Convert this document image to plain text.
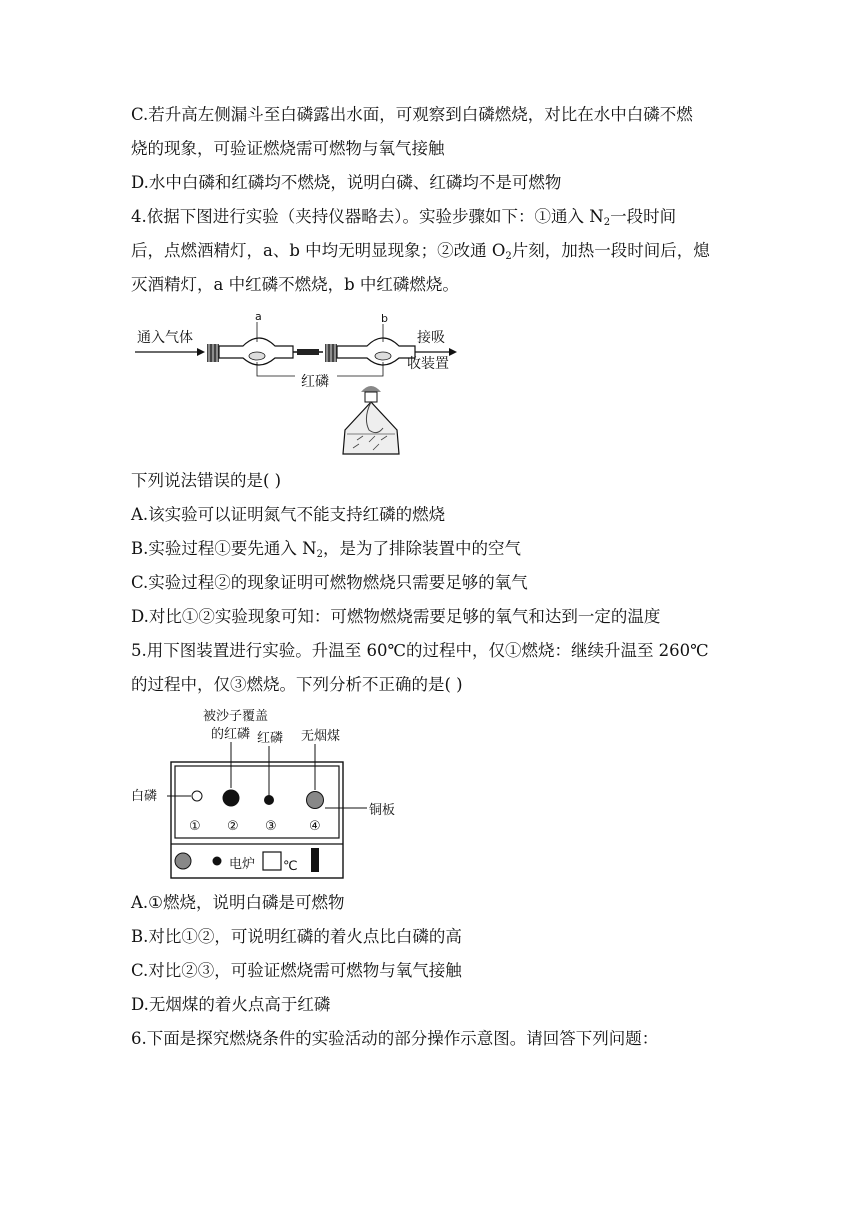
C.若升高左侧漏斗至白磷露出水面，可观察到白磷燃烧，对比在水中白磷不燃
烧的现象，可验证燃烧需可燃物与氧气接触
D.水中白磷和红磷均不燃烧，说明白磷、红磷均不是可燃物
4.依据下图进行实验（夹持仪器略去）。实验步骤如下：①通入 $N_2$一段时间
后，点燃酒精灯，a、b 中均无明显现象；②改通 $O_2$片刻，加热一段时间后，熄
灭酒精灯，a 中红磷不燃烧，b 中红磷燃烧。
通入气体
a	b
接吸
收装置
红磷
下列说法错误的是( )
A.该实验可以证明氮气不能支持红磷的燃烧
B.实验过程①要先通入 $N_2$，是为了排除装置中的空气
C.实验过程②的现象证明可燃物燃烧只需要足够的氧气
D.对比①②实验现象可知：可燃物燃烧需要足够的氧气和达到一定的温度
5.用下图装置进行实验。升温至 60℃的过程中，仅①燃烧：继续升温至 260℃
的过程中，仅③燃烧。下列分析不正确的是( )
被沙子覆盖
的红磷 红磷 无烟煤
白磷
铜板
① ② ③ ④
电炉 ℃
A.①燃烧，说明白磷是可燃物
B.对比①②，可说明红磷的着火点比白磷的高
C.对比②③，可验证燃烧需可燃物与氧气接触
D.无烟煤的着火点高于红磷
6.下面是探究燃烧条件的实验活动的部分操作示意图。请回答下列问题：
